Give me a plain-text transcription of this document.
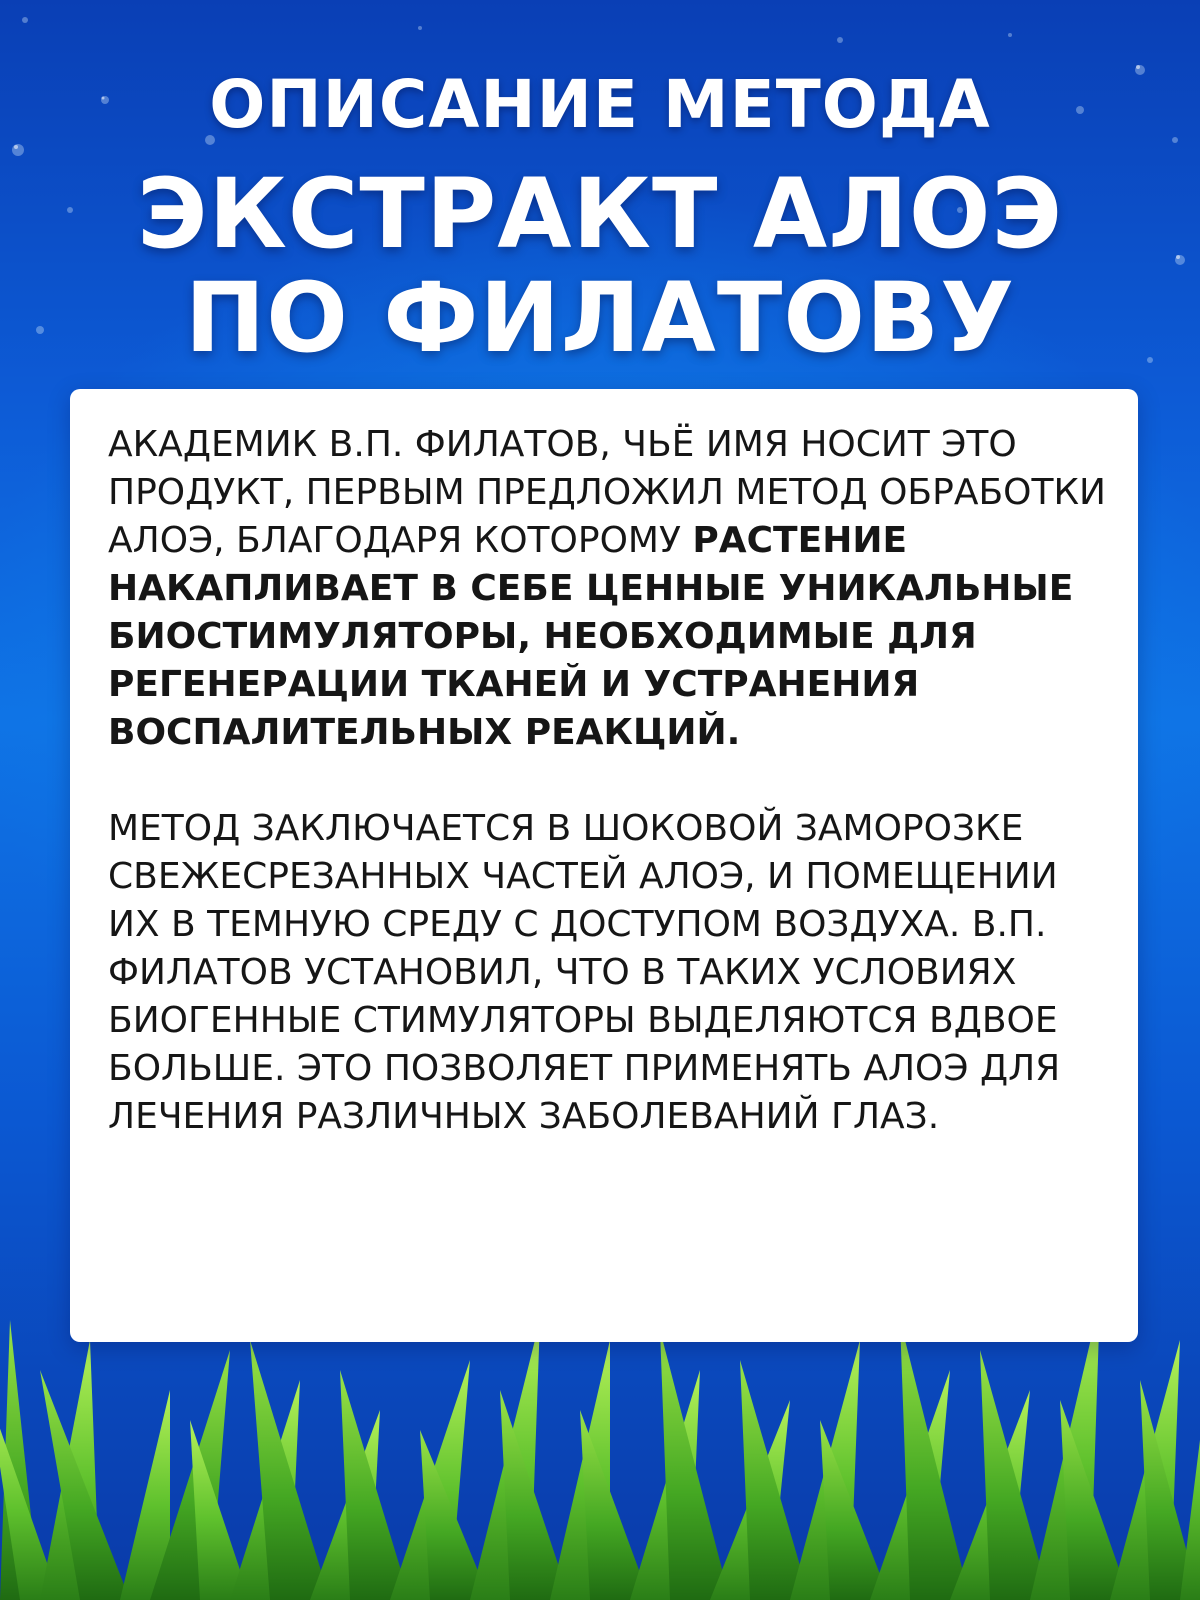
ОПИСАНИЕ МЕТОДА
ЭКСТРАКТ АЛОЭ
ПО ФИЛАТОВУ

АКАДЕМИК В.П. ФИЛАТОВ, ЧЬЁ ИМЯ НОСИТ ЭТО ПРОДУКТ, ПЕРВЫМ ПРЕДЛОЖИЛ МЕТОД ОБРАБОТКИ АЛОЭ, БЛАГОДАРЯ КОТОРОМУ РАСТЕНИЕ НАКАПЛИВАЕТ В СЕБЕ ЦЕННЫЕ УНИКАЛЬНЫЕ БИОСТИМУЛЯТОРЫ, НЕОБХОДИМЫЕ ДЛЯ РЕГЕНЕРАЦИИ ТКАНЕЙ И УСТРАНЕНИЯ ВОСПАЛИТЕЛЬНЫХ РЕАКЦИЙ.

МЕТОД ЗАКЛЮЧАЕТСЯ В ШОКОВОЙ ЗАМОРОЗКЕ СВЕЖЕСРЕЗАННЫХ ЧАСТЕЙ АЛОЭ, И ПОМЕЩЕНИИ ИХ В ТЕМНУЮ СРЕДУ С ДОСТУПОМ ВОЗДУХА. В.П. ФИЛАТОВ УСТАНОВИЛ, ЧТО В ТАКИХ УСЛОВИЯХ БИОГЕННЫЕ СТИМУЛЯТОРЫ ВЫДЕЛЯЮТСЯ ВДВОЕ БОЛЬШЕ. ЭТО ПОЗВОЛЯЕТ ПРИМЕНЯТЬ АЛОЭ ДЛЯ ЛЕЧЕНИЯ РАЗЛИЧНЫХ ЗАБОЛЕВАНИЙ ГЛАЗ.
